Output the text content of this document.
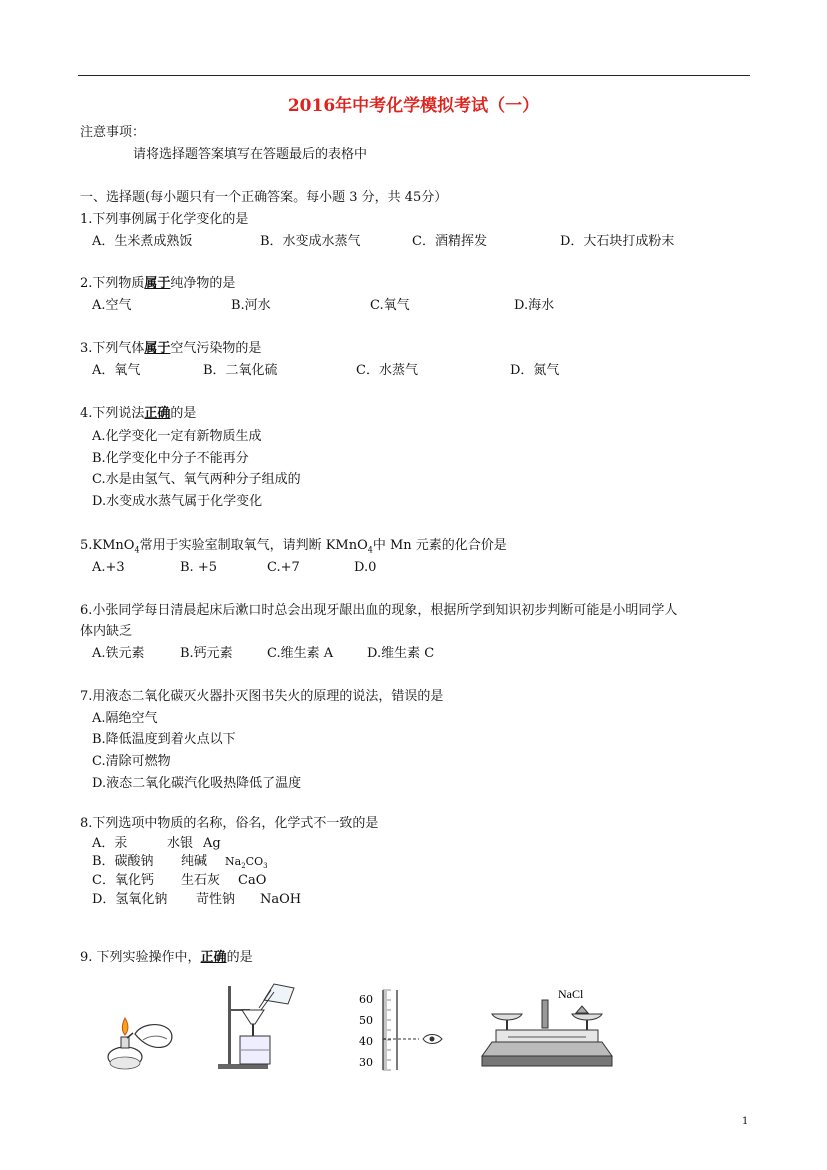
2016年中考化学模拟考试（一）
注意事项：
请将选择题答案填写在答题最后的表格中
一、选择题(每小题只有一个正确答案。每小题 3 分，共 45分）
1.下列事例属于化学变化的是
A．生米煮成熟饭	B．水变成水蒸气	C．酒精挥发	D．大石块打成粉末
2.下列物质属于纯净物的是
A.空气	B.河水	C.氧气	D.海水
3.下列气体属于空气污染物的是
A．氧气	B．二氧化硫	C．水蒸气	D．氮气
4.下列说法正确的是
A.化学变化一定有新物质生成
B.化学变化中分子不能再分
C.水是由氢气、氧气两种分子组成的
D.水变成水蒸气属于化学变化
5.KMnO$_4$常用于实验室制取氧气，请判断 KMnO$_4$中 Mn 元素的化合价是
A.+3	B. +5	C.+7	D.0
6.小张同学每日清晨起床后漱口时总会出现牙龈出血的现象，根据所学到知识初步判断可能是小明同学人
体内缺乏
A.铁元素	B.钙元素	C.维生素 A	D.维生素 C
7.用液态二氧化碳灭火器扑灭图书失火的原理的说法，错误的是
A.隔绝空气
B.降低温度到着火点以下
C.清除可燃物
D.液态二氧化碳汽化吸热降低了温度
8.下列选项中物质的名称，俗名，化学式不一致的是
A．汞	水银 Ag
B．碳酸钠 纯碱 $Na_2CO_3$
C．氧化钙 生石灰 CaO
D．氢氧化钠 苛性钠 NaOH
9. 下列实验操作中，正确的是
60
50
40
30
NaCl
1
